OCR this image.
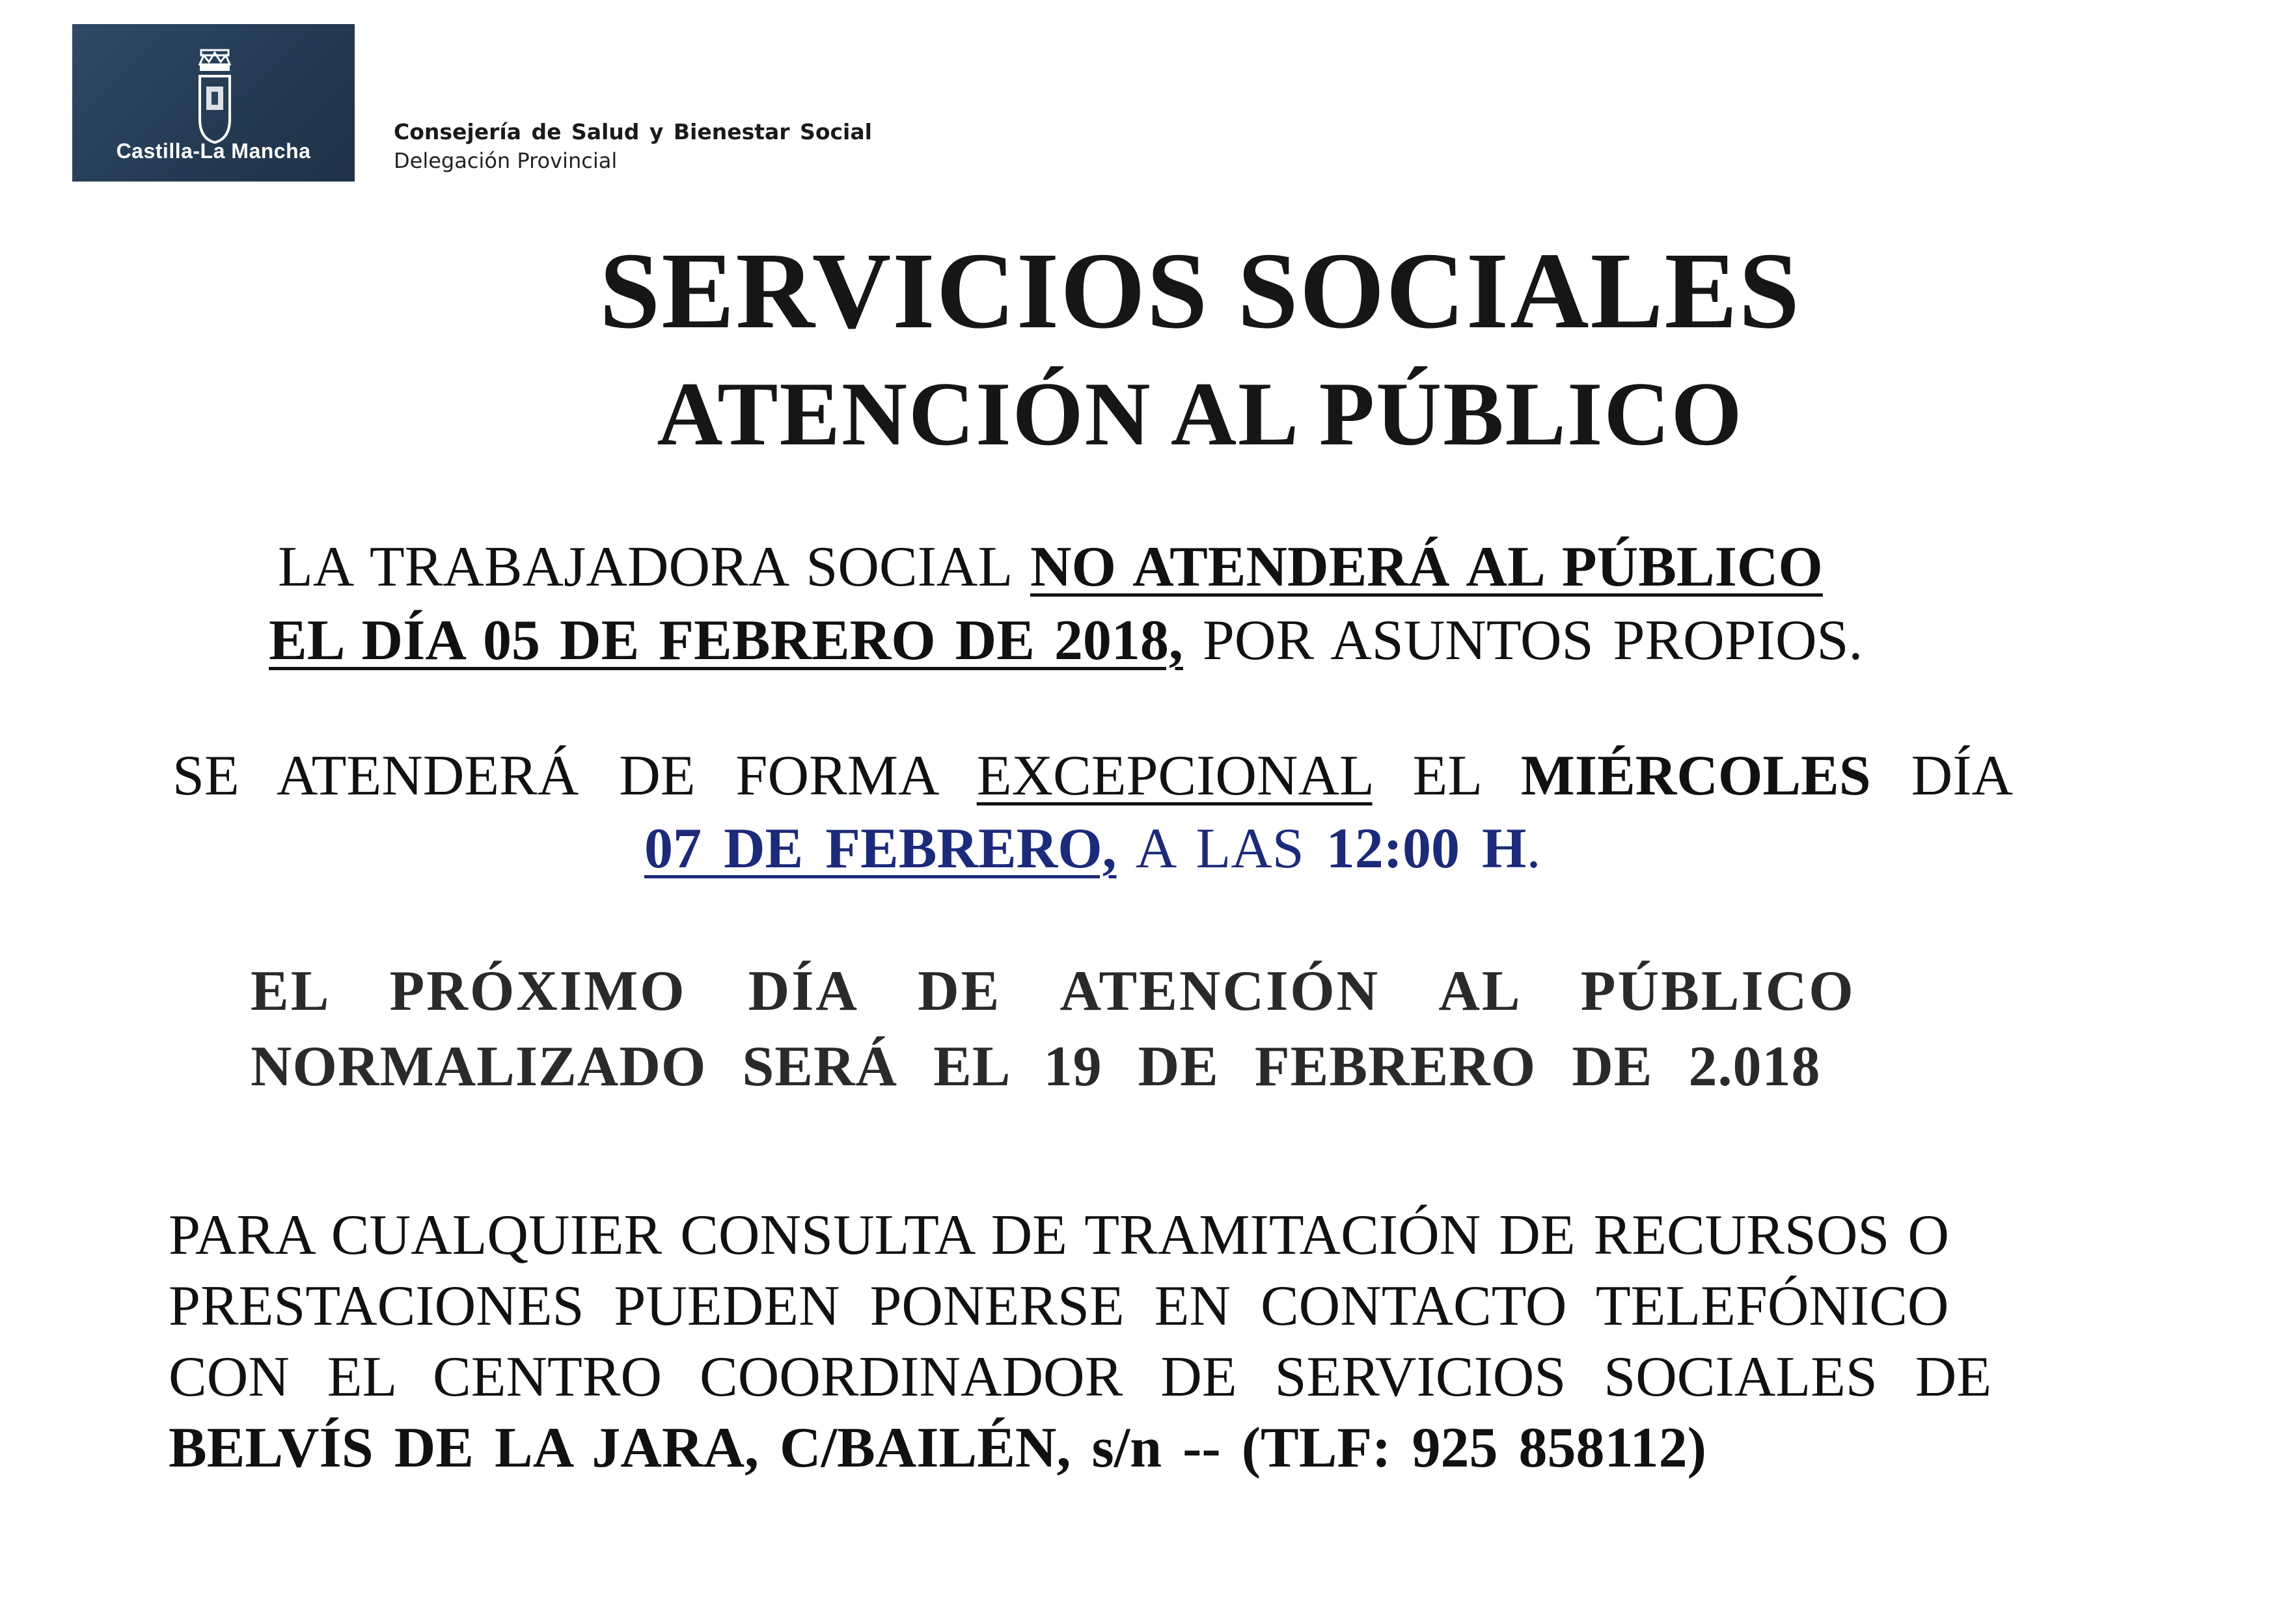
Castilla-La Mancha
Consejería de Salud y Bienestar Social
Delegación Provincial
SERVICIOS SOCIALES
ATENCIÓN AL PÚBLICO
LA TRABAJADORA SOCIAL NO ATENDERÁ AL PÚBLICO
EL DÍA 05 DE FEBRERO DE 2018, POR ASUNTOS PROPIOS.
SE ATENDERÁ DE FORMA EXCEPCIONAL EL MIÉRCOLES DÍA
07 DE FEBRERO, A LAS 12:00 H.
EL PRÓXIMO DÍA DE ATENCIÓN AL PÚBLICO
NORMALIZADO SERÁ EL 19 DE FEBRERO DE 2.018
PARA CUALQUIER CONSULTA DE TRAMITACIÓN DE RECURSOS O
PRESTACIONES PUEDEN PONERSE EN CONTACTO TELEFÓNICO
CON EL CENTRO COORDINADOR DE SERVICIOS SOCIALES DE
BELVÍS DE LA JARA, C/BAILÉN, s/n -- (TLF: 925 858112)
